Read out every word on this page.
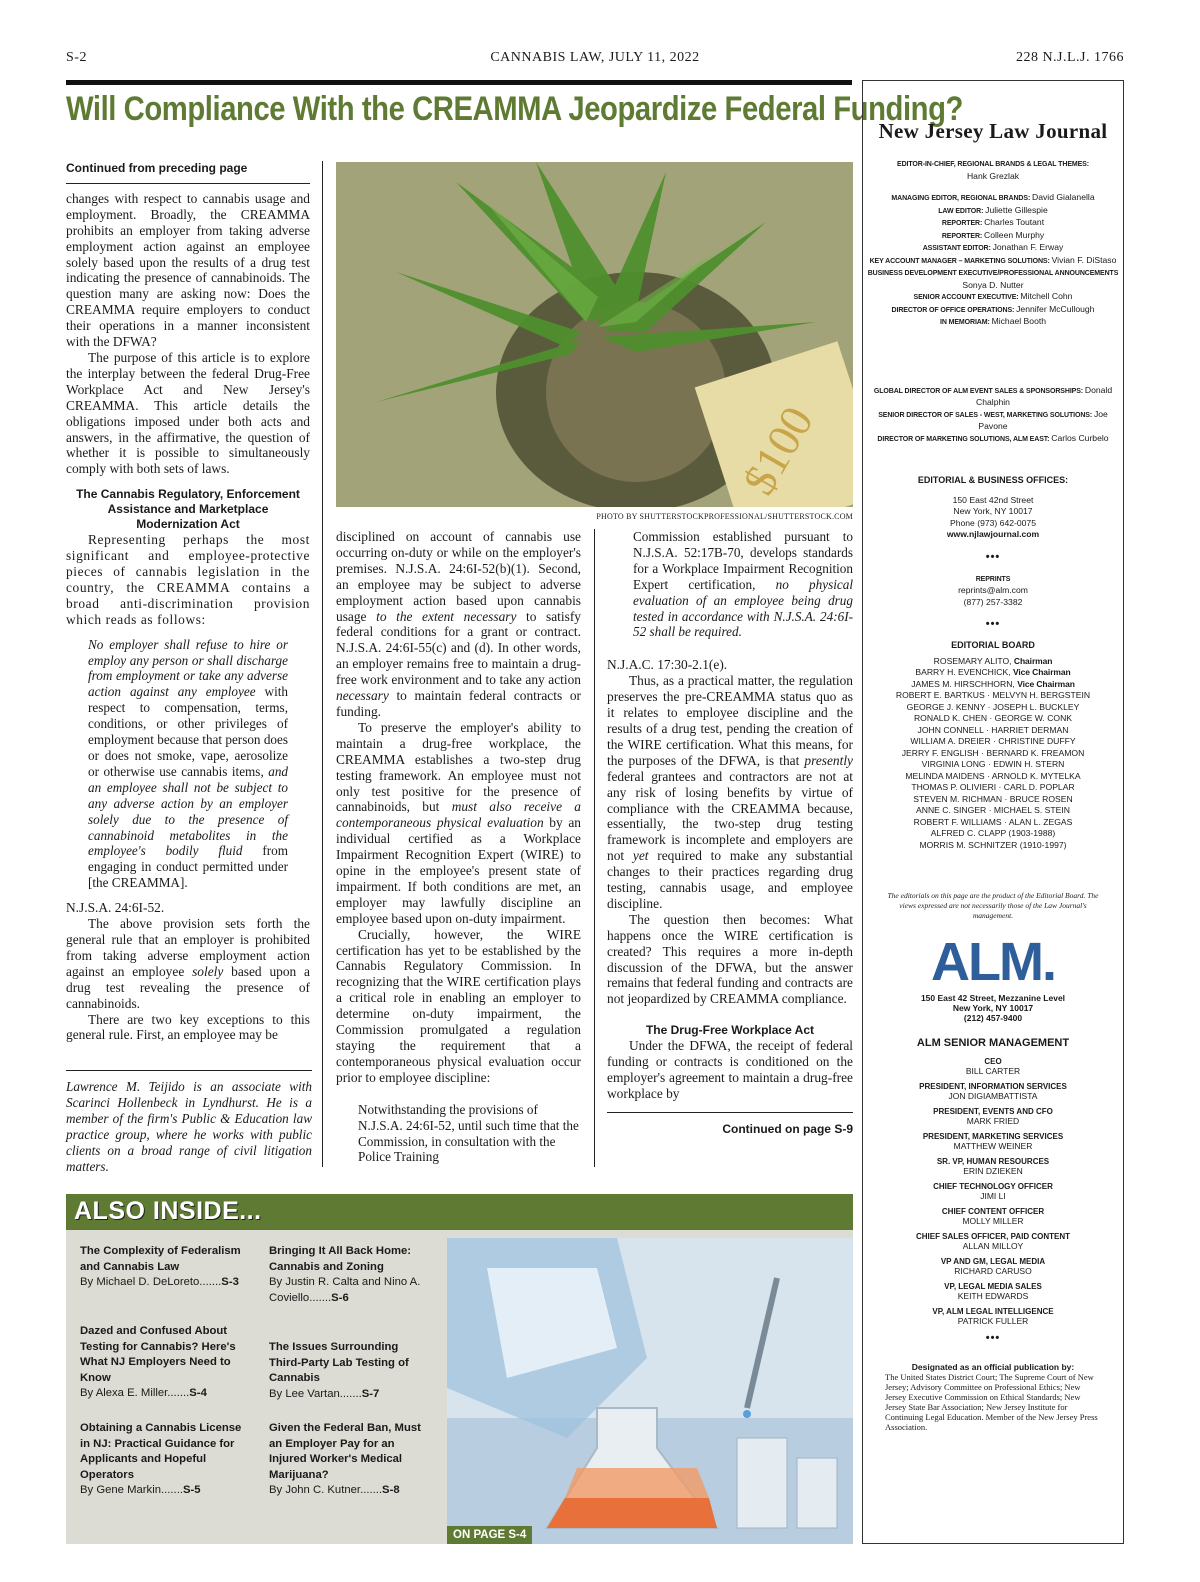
S-2	CANNABIS LAW, JULY 11, 2022	228 N.J.L.J. 1766
Will Compliance With the CREAMMA Jeopardize Federal Funding?
Continued from preceding page

changes with respect to cannabis usage and employment. Broadly, the CREAMMA prohibits an employer from taking adverse employment action against an employee solely based upon the results of a drug test indicating the presence of cannabinoids. The question many are asking now: Does the CREAMMA require employers to conduct their operations in a manner inconsistent with the DFWA?

The purpose of this article is to explore the interplay between the federal Drug-Free Workplace Act and New Jersey's CREAMMA. This article details the obligations imposed under both acts and answers, in the affirmative, the question of whether it is possible to simultaneously comply with both sets of laws.

The Cannabis Regulatory, Enforcement Assistance and Marketplace Modernization Act

Representing perhaps the most significant and employee-protective pieces of cannabis legislation in the country, the CREAMMA contains a broad anti-discrimination provision which reads as follows:

No employer shall refuse to hire or employ any person or shall discharge from employment or take any adverse action against any employee with respect to compensation, terms, conditions, or other privileges of employment because that person does or does not smoke, vape, aerosolize or otherwise use cannabis items, and an employee shall not be subject to any adverse action by an employer solely due to the presence of cannabinoid metabolites in the employee's bodily fluid from engaging in conduct permitted under [the CREAMMA].

N.J.S.A. 24:6I-52.

The above provision sets forth the general rule that an employer is prohibited from taking adverse employment action against an employee solely based upon a drug test revealing the presence of cannabinoids.

There are two key exceptions to this general rule. First, an employee may be

Lawrence M. Teijido is an associate with Scarinci Hollenbeck in Lyndhurst. He is a member of the firm's Public & Education law practice group, where he works with public clients on a broad range of civil litigation matters.
$100
PHOTO BY SHUTTERSTOCKPROFESSIONAL/SHUTTERSTOCK.COM

disciplined on account of cannabis use occurring on-duty or while on the employer's premises. N.J.S.A. 24:6I-52(b)(1). Second, an employee may be subject to adverse employment action based upon cannabis usage to the extent necessary to satisfy federal conditions for a grant or contract. N.J.S.A. 24:6I-55(c) and (d). In other words, an employer remains free to maintain a drug-free work environment and to take any action necessary to maintain federal contracts or funding.

To preserve the employer's ability to maintain a drug-free workplace, the CREAMMA establishes a two-step drug testing framework. An employee must not only test positive for the presence of cannabinoids, but must also receive a contemporaneous physical evaluation by an individual certified as a Workplace Impairment Recognition Expert (WIRE) to opine in the employee's present state of impairment. If both conditions are met, an employer may lawfully discipline an employee based upon on-duty impairment.

Crucially, however, the WIRE certification has yet to be established by the Cannabis Regulatory Commission. In recognizing that the WIRE certification plays a critical role in enabling an employer to determine on-duty impairment, the Commission promulgated a regulation staying the requirement that a contemporaneous physical evaluation occur prior to employee discipline:

Notwithstanding the provisions of N.J.S.A. 24:6I-52, until such time that the Commission, in consultation with the Police Training
Commission established pursuant to N.J.S.A. 52:17B-70, develops standards for a Workplace Impairment Recognition Expert certification, no physical evaluation of an employee being drug tested in accordance with N.J.S.A. 24:6I-52 shall be required.

N.J.A.C. 17:30-2.1(e).

Thus, as a practical matter, the regulation preserves the pre-CREAMMA status quo as it relates to employee discipline and the results of a drug test, pending the creation of the WIRE certification. What this means, for the purposes of the DFWA, is that presently federal grantees and contractors are not at any risk of losing benefits by virtue of compliance with the CREAMMA because, essentially, the two-step drug testing framework is incomplete and employers are not yet required to make any substantial changes to their practices regarding drug testing, cannabis usage, and employee discipline.

The question then becomes: What happens once the WIRE certification is created? This requires a more in-depth discussion of the DFWA, but the answer remains that federal funding and contracts are not jeopardized by CREAMMA compliance.

The Drug-Free Workplace Act

Under the DFWA, the receipt of federal funding or contracts is conditioned on the employer's agreement to maintain a drug-free workplace by

Continued on page S-9
New Jersey Law Journal
EDITOR-IN-CHIEF, REGIONAL BRANDS & LEGAL THEMES:
Hank Grezlak
MANAGING EDITOR, REGIONAL BRANDS: David Gialanella
LAW EDITOR: Juliette Gillespie
REPORTER: Charles Toutant
REPORTER: Colleen Murphy
ASSISTANT EDITOR: Jonathan F. Erway
KEY ACCOUNT MANAGER – MARKETING SOLUTIONS: Vivian F. DiStaso
BUSINESS DEVELOPMENT EXECUTIVE/PROFESSIONAL ANNOUNCEMENTS
Sonya D. Nutter
SENIOR ACCOUNT EXECUTIVE: Mitchell Cohn
DIRECTOR OF OFFICE OPERATIONS: Jennifer McCullough
IN MEMORIAM: Michael Booth
GLOBAL DIRECTOR OF ALM EVENT SALES & SPONSORSHIPS: Donald Chalphin
SENIOR DIRECTOR OF SALES - WEST, MARKETING SOLUTIONS: Joe Pavone
DIRECTOR OF MARKETING SOLUTIONS, ALM EAST: Carlos Curbelo
EDITORIAL & BUSINESS OFFICES:
150 East 42nd Street
New York, NY 10017
Phone (973) 642-0075
www.njlawjournal.com
•••
REPRINTS
reprints@alm.com
(877) 257-3382
•••
EDITORIAL BOARD
ROSEMARY ALITO, Chairman
BARRY H. EVENCHICK, Vice Chairman
JAMES M. HIRSCHHORN, Vice Chairman
ROBERT E. BARTKUS · MELVYN H. BERGSTEIN
GEORGE J. KENNY · JOSEPH L. BUCKLEY
RONALD K. CHEN · GEORGE W. CONK
JOHN CONNELL · HARRIET DERMAN
WILLIAM A. DREIER · CHRISTINE DUFFY
JERRY F. ENGLISH · BERNARD K. FREAMON
VIRGINIA LONG · EDWIN H. STERN
MELINDA MAIDENS · ARNOLD K. MYTELKA
THOMAS P. OLIVIERI · CARL D. POPLAR
STEVEN M. RICHMAN · BRUCE ROSEN
ANNE C. SINGER · MICHAEL S. STEIN
ROBERT F. WILLIAMS · ALAN L. ZEGAS
ALFRED C. CLAPP (1903-1988)
MORRIS M. SCHNITZER (1910-1997)
The editorials on this page are the product of the Editorial Board. The views expressed are not necessarily those of the Law Journal's management.
ALM.
150 East 42 Street, Mezzanine Level
New York, NY 10017
(212) 457-9400
ALM SENIOR MANAGEMENT
CEO
BILL CARTER
PRESIDENT, INFORMATION SERVICES
JON DIGIAMBATTISTA
PRESIDENT, EVENTS AND CFO
MARK FRIED
PRESIDENT, MARKETING SERVICES
MATTHEW WEINER
SR. VP, HUMAN RESOURCES
ERIN DZIEKEN
CHIEF TECHNOLOGY OFFICER
JIMI LI
CHIEF CONTENT OFFICER
MOLLY MILLER
CHIEF SALES OFFICER, PAID CONTENT
ALLAN MILLOY
VP AND GM, LEGAL MEDIA
RICHARD CARUSO
VP, LEGAL MEDIA SALES
KEITH EDWARDS
VP, ALM LEGAL INTELLIGENCE
PATRICK FULLER
•••
Designated as an official publication by:
The United States District Court; The Supreme Court of New Jersey; Advisory Committee on Professional Ethics; New Jersey Executive Commission on Ethical Standards; New Jersey State Bar Association; New Jersey Institute for Continuing Legal Education. Member of the New Jersey Press Association.
ALSO INSIDE...
The Complexity of Federalism and Cannabis Law
By Michael D. DeLoreto.......S-3
Dazed and Confused About Testing for Cannabis? Here's What NJ Employers Need to Know
By Alexa E. Miller.......S-4
Obtaining a Cannabis License in NJ: Practical Guidance for Applicants and Hopeful Operators
By Gene Markin.......S-5
Bringing It All Back Home: Cannabis and Zoning
By Justin R. Calta and Nino A. Coviello.......S-6
The Issues Surrounding Third-Party Lab Testing of Cannabis
By Lee Vartan.......S-7
Given the Federal Ban, Must an Employer Pay for an Injured Worker's Medical Marijuana?
By John C. Kutner.......S-8
ON PAGE S-4
